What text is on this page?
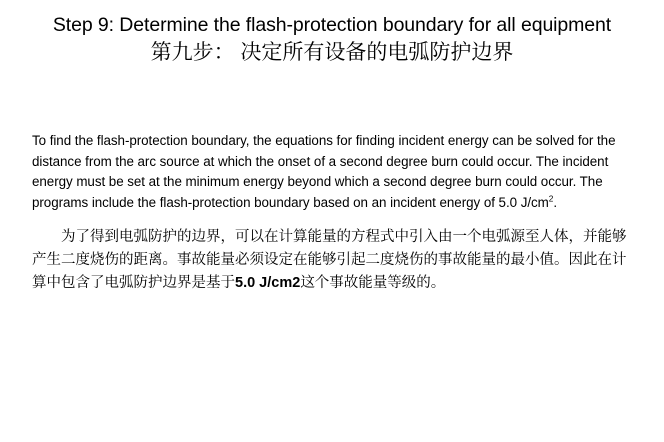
Step 9: Determine the flash-protection boundary for all equipment
第九步： 决定所有设备的电弧防护边界

To find the flash-protection boundary, the equations for finding incident energy can be solved for the distance from the arc source at which the onset of a second degree burn could occur. The incident energy must be set at the minimum energy beyond which a second degree burn could occur. The programs include the flash-protection boundary based on an incident energy of 5.0 $J/cm^2$.

为了得到电弧防护的边界，可以在计算能量的方程式中引入由一个电弧源至人体，并能够产生二度烧伤的距离。事故能量必须设定在能够引起二度烧伤的事故能量的最小值。因此在计算中包含了电弧防护边界是基于5.0 J/cm2这个事故能量等级的。
